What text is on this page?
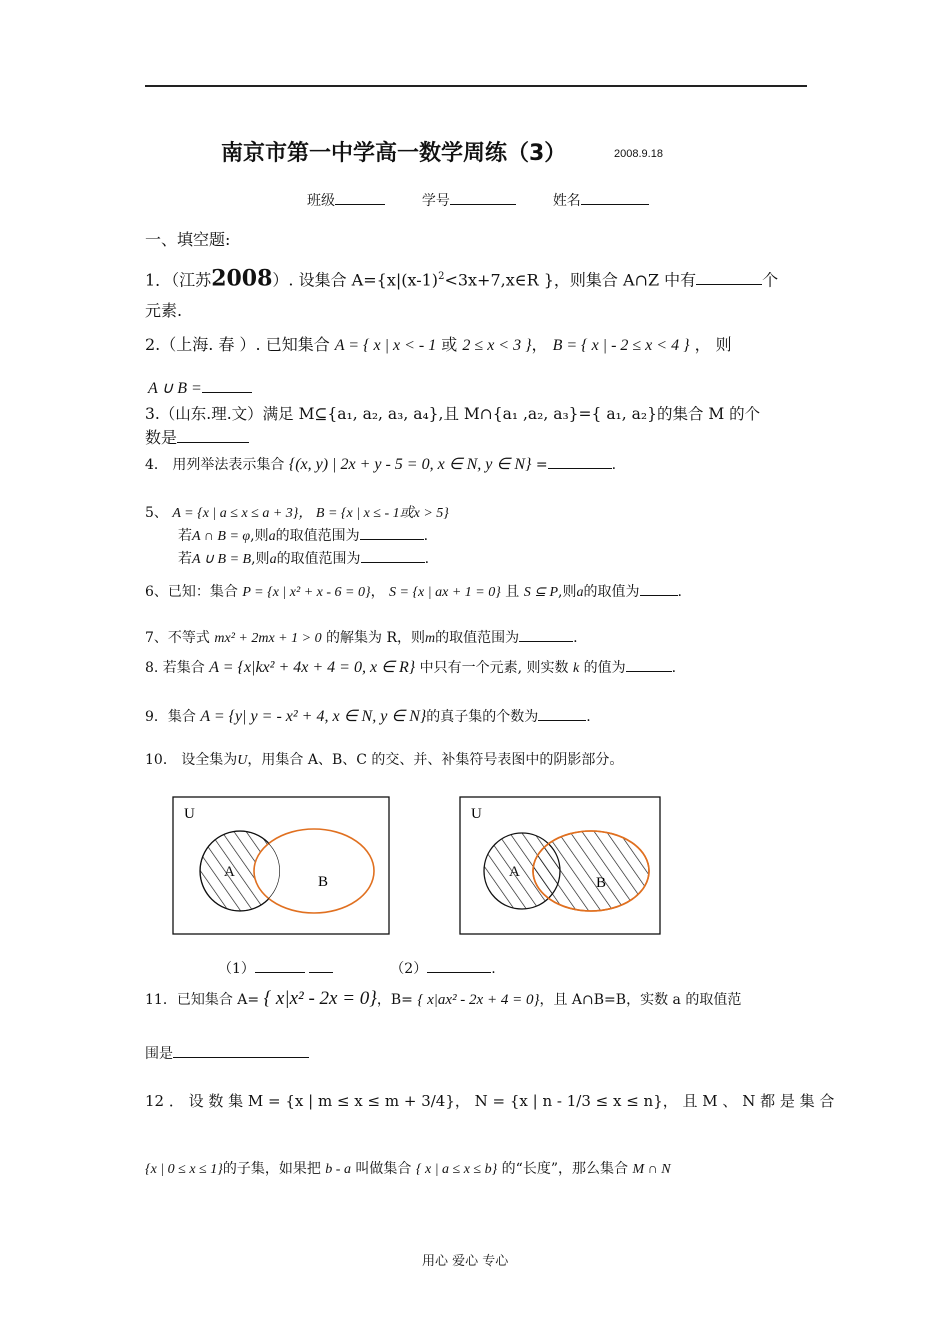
南京市第一中学高一数学周练（3）	2008.9.18
班级	学号	姓名
一、填空题:
1．（江苏2008）. 设集合 $A=\{x|(x-1)^2<3x+7,x\in R$ }，则集合 A∩Z 中有	个
元素.
2.（上海. 春 ）. 已知集合 A = { x | x < - 1 或 2 ≤ x < 3 }， B = { x | - 2 ≤ x < 4 } ， 则
A ∪ B =
3.（山东.理.文）满足 M⊆{a₁, a₂, a₃, a₄},且 M∩{a₁ ,a₂, a₃}={ a₁, a₂}的集合 M 的个
数是
4． 用列举法表示集合 {(x, y) | 2x + y - 5 = 0, x ∈ N, y ∈ N} =	.
5、 A = {x | a ≤ x ≤ a + 3}， B = {x | x ≤ - 1或x > 5}
若A ∩ B = φ,则a的取值范围为	.
若A ∪ B = B,则a的取值范围为	.
6、已知：集合 P = {x | x² + x - 6 = 0}， S = {x | ax + 1 = 0} 且 S ⊆ P,则a的取值为	.
7、不等式 mx² + 2mx + 1 > 0 的解集为 R，则m的取值范围为	.
8. 若集合 A = {x|kx² + 4x + 4 = 0, x ∈ R} 中只有一个元素, 则实数 k 的值为	.
9．集合 A = {y| y = - x² + 4, x ∈ N, y ∈ N}的真子集的个数为	.
10． 设全集为U，用集合 A、B、C 的交、并、补集符号表图中的阴影部分。
U
A
B
U
A
B
（1）	（2）	.
11．已知集合 A= { x|x² - 2x = 0}，B= { x|ax² - 2x + 4 = 0}，且 A∩B=B，实数 a 的取值范
围是
12 ． 设 数 集 M = {x | m ≤ x ≤ m + 3/4}， N = {x | n - 1/3 ≤ x ≤ n}， 且 M 、 N 都 是 集 合
{x | 0 ≤ x ≤ 1}的子集，如果把 b - a 叫做集合 { x | a ≤ x ≤ b} 的“长度”，那么集合 M ∩ N
用心 爱心 专心
